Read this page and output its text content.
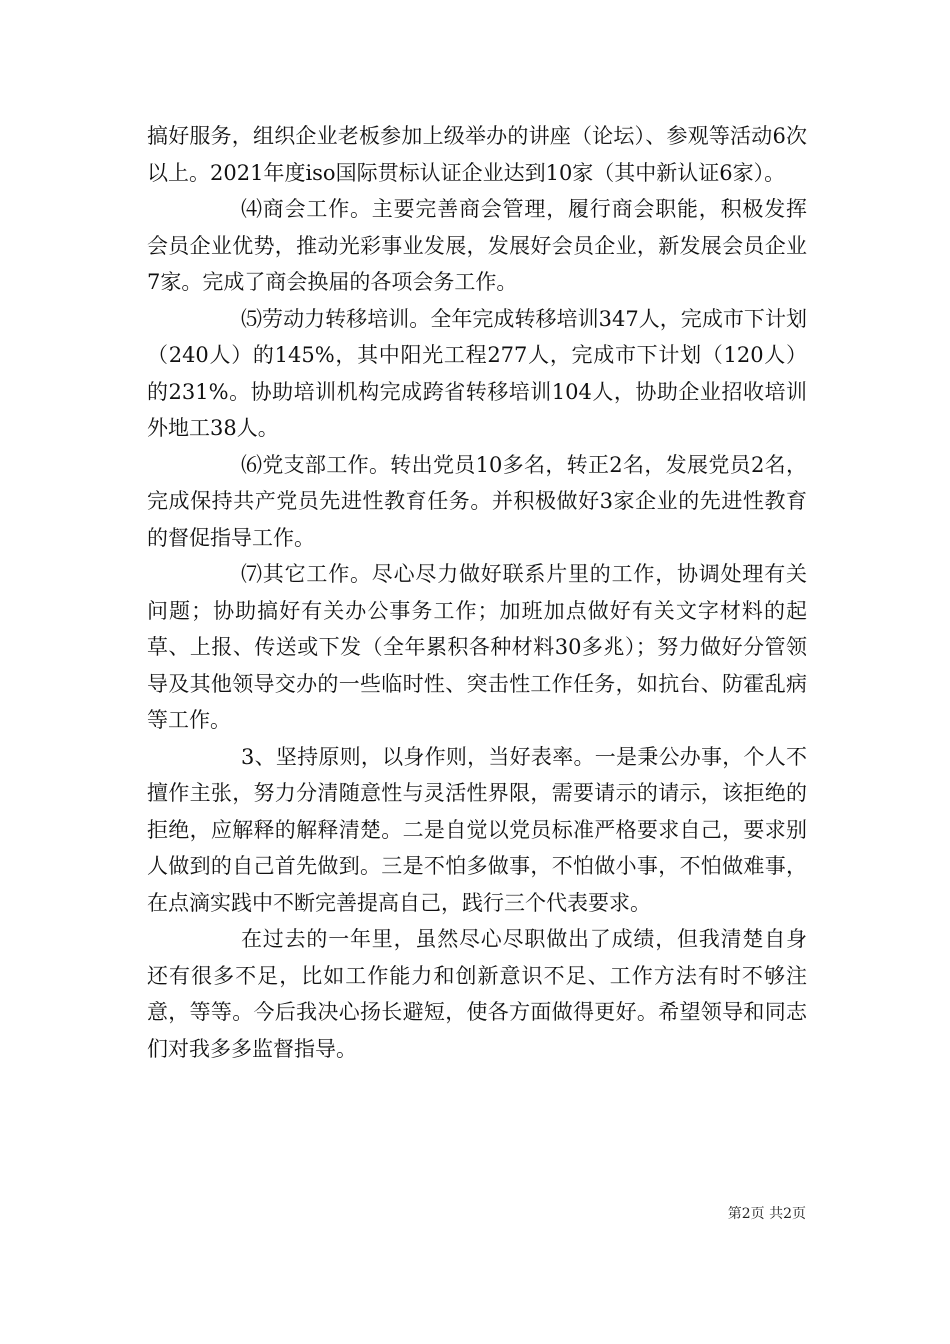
搞好服务，组织企业老板参加上级举办的讲座（论坛）、参观等活动6次以上。2021年度iso国际贯标认证企业达到10家（其中新认证6家）。

⑷商会工作。主要完善商会管理，履行商会职能，积极发挥会员企业优势，推动光彩事业发展，发展好会员企业，新发展会员企业7家。完成了商会换届的各项会务工作。

⑸劳动力转移培训。全年完成转移培训347人，完成市下计划（240人）的145%，其中阳光工程277人，完成市下计划（120人）的231%。协助培训机构完成跨省转移培训104人，协助企业招收培训外地工38人。

⑹党支部工作。转出党员10多名，转正2名，发展党员2名，完成保持共产党员先进性教育任务。并积极做好3家企业的先进性教育的督促指导工作。

⑺其它工作。尽心尽力做好联系片里的工作，协调处理有关问题；协助搞好有关办公事务工作；加班加点做好有关文字材料的起草、上报、传送或下发（全年累积各种材料30多兆）；努力做好分管领导及其他领导交办的一些临时性、突击性工作任务，如抗台、防霍乱病等工作。

3、坚持原则，以身作则，当好表率。一是秉公办事，个人不擅作主张，努力分清随意性与灵活性界限，需要请示的请示，该拒绝的拒绝，应解释的解释清楚。二是自觉以党员标准严格要求自己，要求别人做到的自己首先做到。三是不怕多做事，不怕做小事，不怕做难事，在点滴实践中不断完善提高自己，践行三个代表要求。

在过去的一年里，虽然尽心尽职做出了成绩，但我清楚自身还有很多不足，比如工作能力和创新意识不足、工作方法有时不够注意，等等。今后我决心扬长避短，使各方面做得更好。希望领导和同志们对我多多监督指导。

第2页 共2页
